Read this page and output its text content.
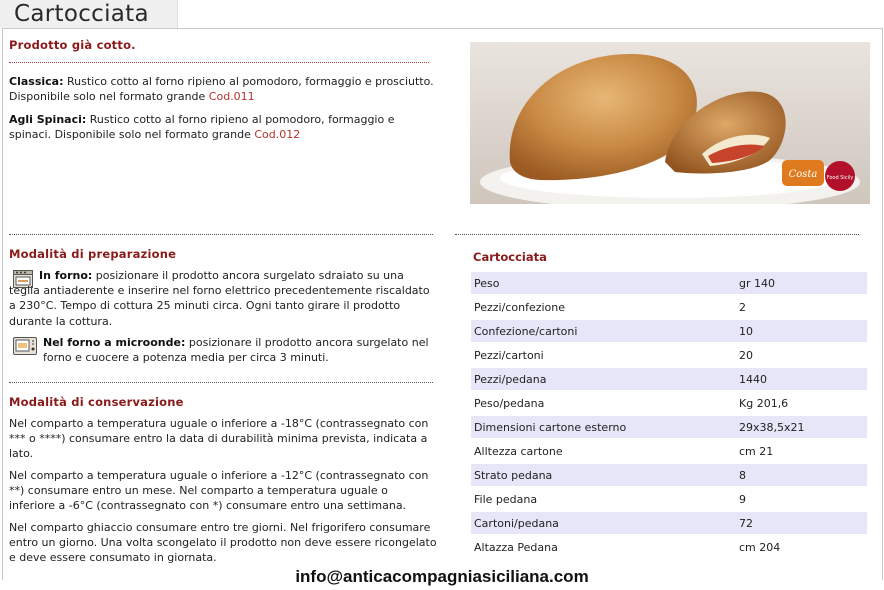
Cartocciata
Prodotto già cotto.
Classica: Rustico cotto al forno ripieno al pomodoro, formaggio e prosciutto. Disponibile solo nel formato grande Cod.011
Agli Spinaci: Rustico cotto al forno ripieno al pomodoro, formaggio e spinaci. Disponibile solo nel formato grande Cod.012
Costa Food Sicily
Modalità di preparazione
In forno: posizionare il prodotto ancora surgelato sdraiato su una teglia antiaderente e inserire nel forno elettrico precedentemente riscaldato a 230°C. Tempo di cottura 25 minuti circa. Ogni tanto girare il prodotto durante la cottura.
Nel forno a microonde: posizionare il prodotto ancora surgelato nel forno e cuocere a potenza media per circa 3 minuti.
Modalità di conservazione
Nel comparto a temperatura uguale o inferiore a -18°C (contrassegnato con *** o ****) consumare entro la data di durabilità minima prevista, indicata a lato.
Nel comparto a temperatura uguale o inferiore a -12°C (contrassegnato con **) consumare entro un mese. Nel comparto a temperatura uguale o inferiore a -6°C (contrassegnato con *) consumare entro una settimana.
Nel comparto ghiaccio consumare entro tre giorni. Nel frigorifero consumare entro un giorno. Una volta scongelato il prodotto non deve essere ricongelato e deve essere consumato in giornata.
Cartocciata
Peso	gr 140
Pezzi/confezione	2
Confezione/cartoni	10
Pezzi/cartoni	20
Pezzi/pedana	1440
Peso/pedana	Kg 201,6
Dimensioni cartone esterno	29x38,5x21
Alltezza cartone	cm 21
Strato pedana	8
File pedana	9
Cartoni/pedana	72
Altazza Pedana	cm 204
info@anticacompagniasiciliana.com
